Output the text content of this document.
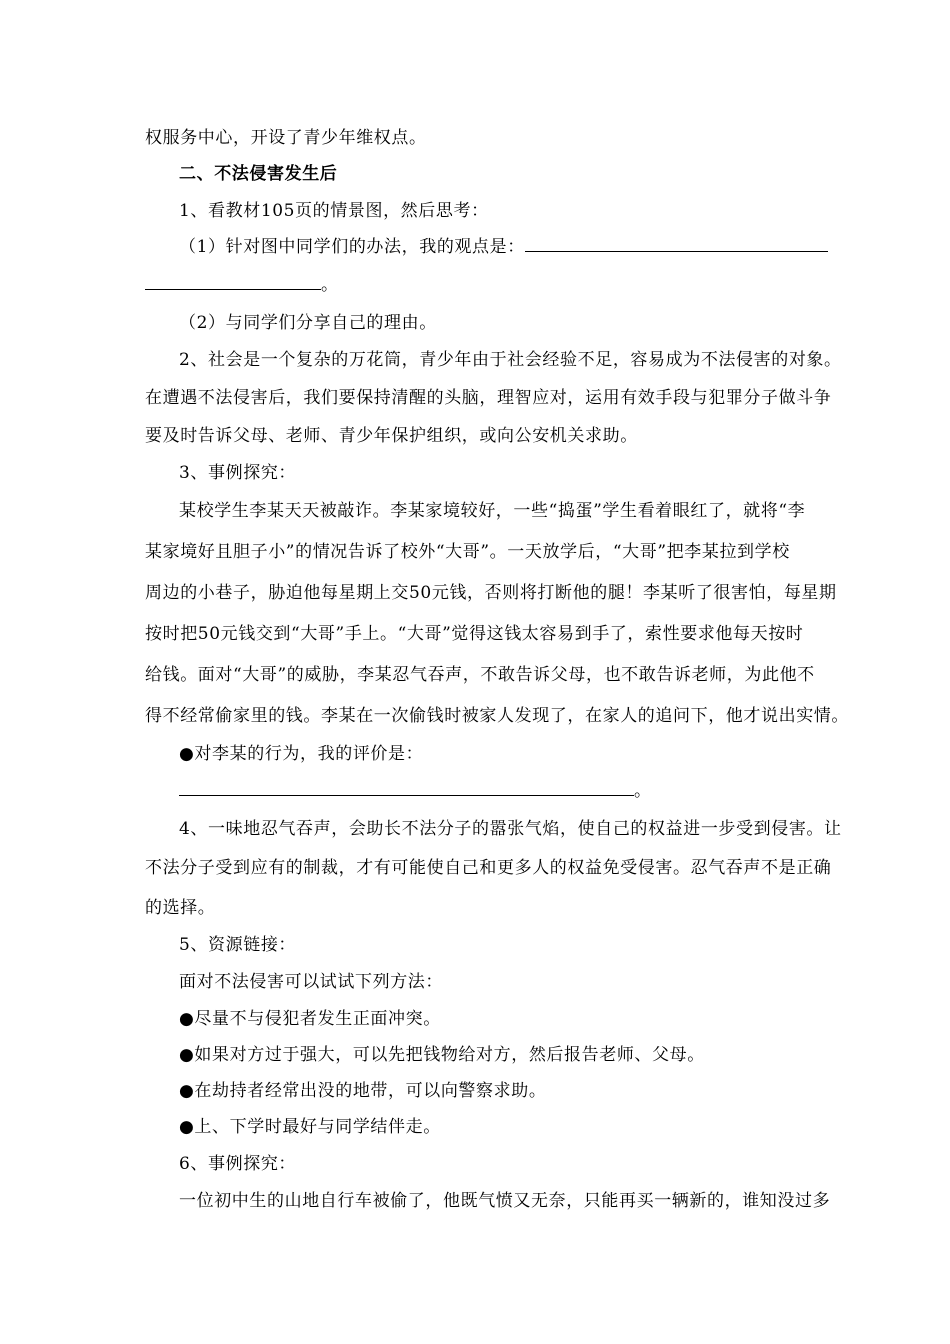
权服务中心，开设了青少年维权点。
二、不法侵害发生后
1、看教材105页的情景图，然后思考：
（1）针对图中同学们的办法，我的观点是：
。
（2）与同学们分享自己的理由。
2、社会是一个复杂的万花筒，青少年由于社会经验不足，容易成为不法侵害的对象。
在遭遇不法侵害后，我们要保持清醒的头脑，理智应对，运用有效手段与犯罪分子做斗争
要及时告诉父母、老师、青少年保护组织，或向公安机关求助。
3、事例探究：
某校学生李某天天被敲诈。李某家境较好，一些“捣蛋”学生看着眼红了，就将“李
某家境好且胆子小”的情况告诉了校外“大哥”。一天放学后，“大哥”把李某拉到学校
周边的小巷子，胁迫他每星期上交50元钱，否则将打断他的腿！李某听了很害怕，每星期
按时把50元钱交到“大哥”手上。“大哥”觉得这钱太容易到手了，索性要求他每天按时
给钱。面对“大哥”的威胁，李某忍气吞声，不敢告诉父母，也不敢告诉老师，为此他不
得不经常偷家里的钱。李某在一次偷钱时被家人发现了，在家人的追问下，他才说出实情。
●对李某的行为，我的评价是：
。
4、一味地忍气吞声，会助长不法分子的嚣张气焰，使自己的权益进一步受到侵害。让
不法分子受到应有的制裁，才有可能使自己和更多人的权益免受侵害。忍气吞声不是正确
的选择。
5、资源链接：
面对不法侵害可以试试下列方法：
●尽量不与侵犯者发生正面冲突。
●如果对方过于强大，可以先把钱物给对方，然后报告老师、父母。
●在劫持者经常出没的地带，可以向警察求助。
●上、下学时最好与同学结伴走。
6、事例探究：
一位初中生的山地自行车被偷了，他既气愤又无奈，只能再买一辆新的，谁知没过多
